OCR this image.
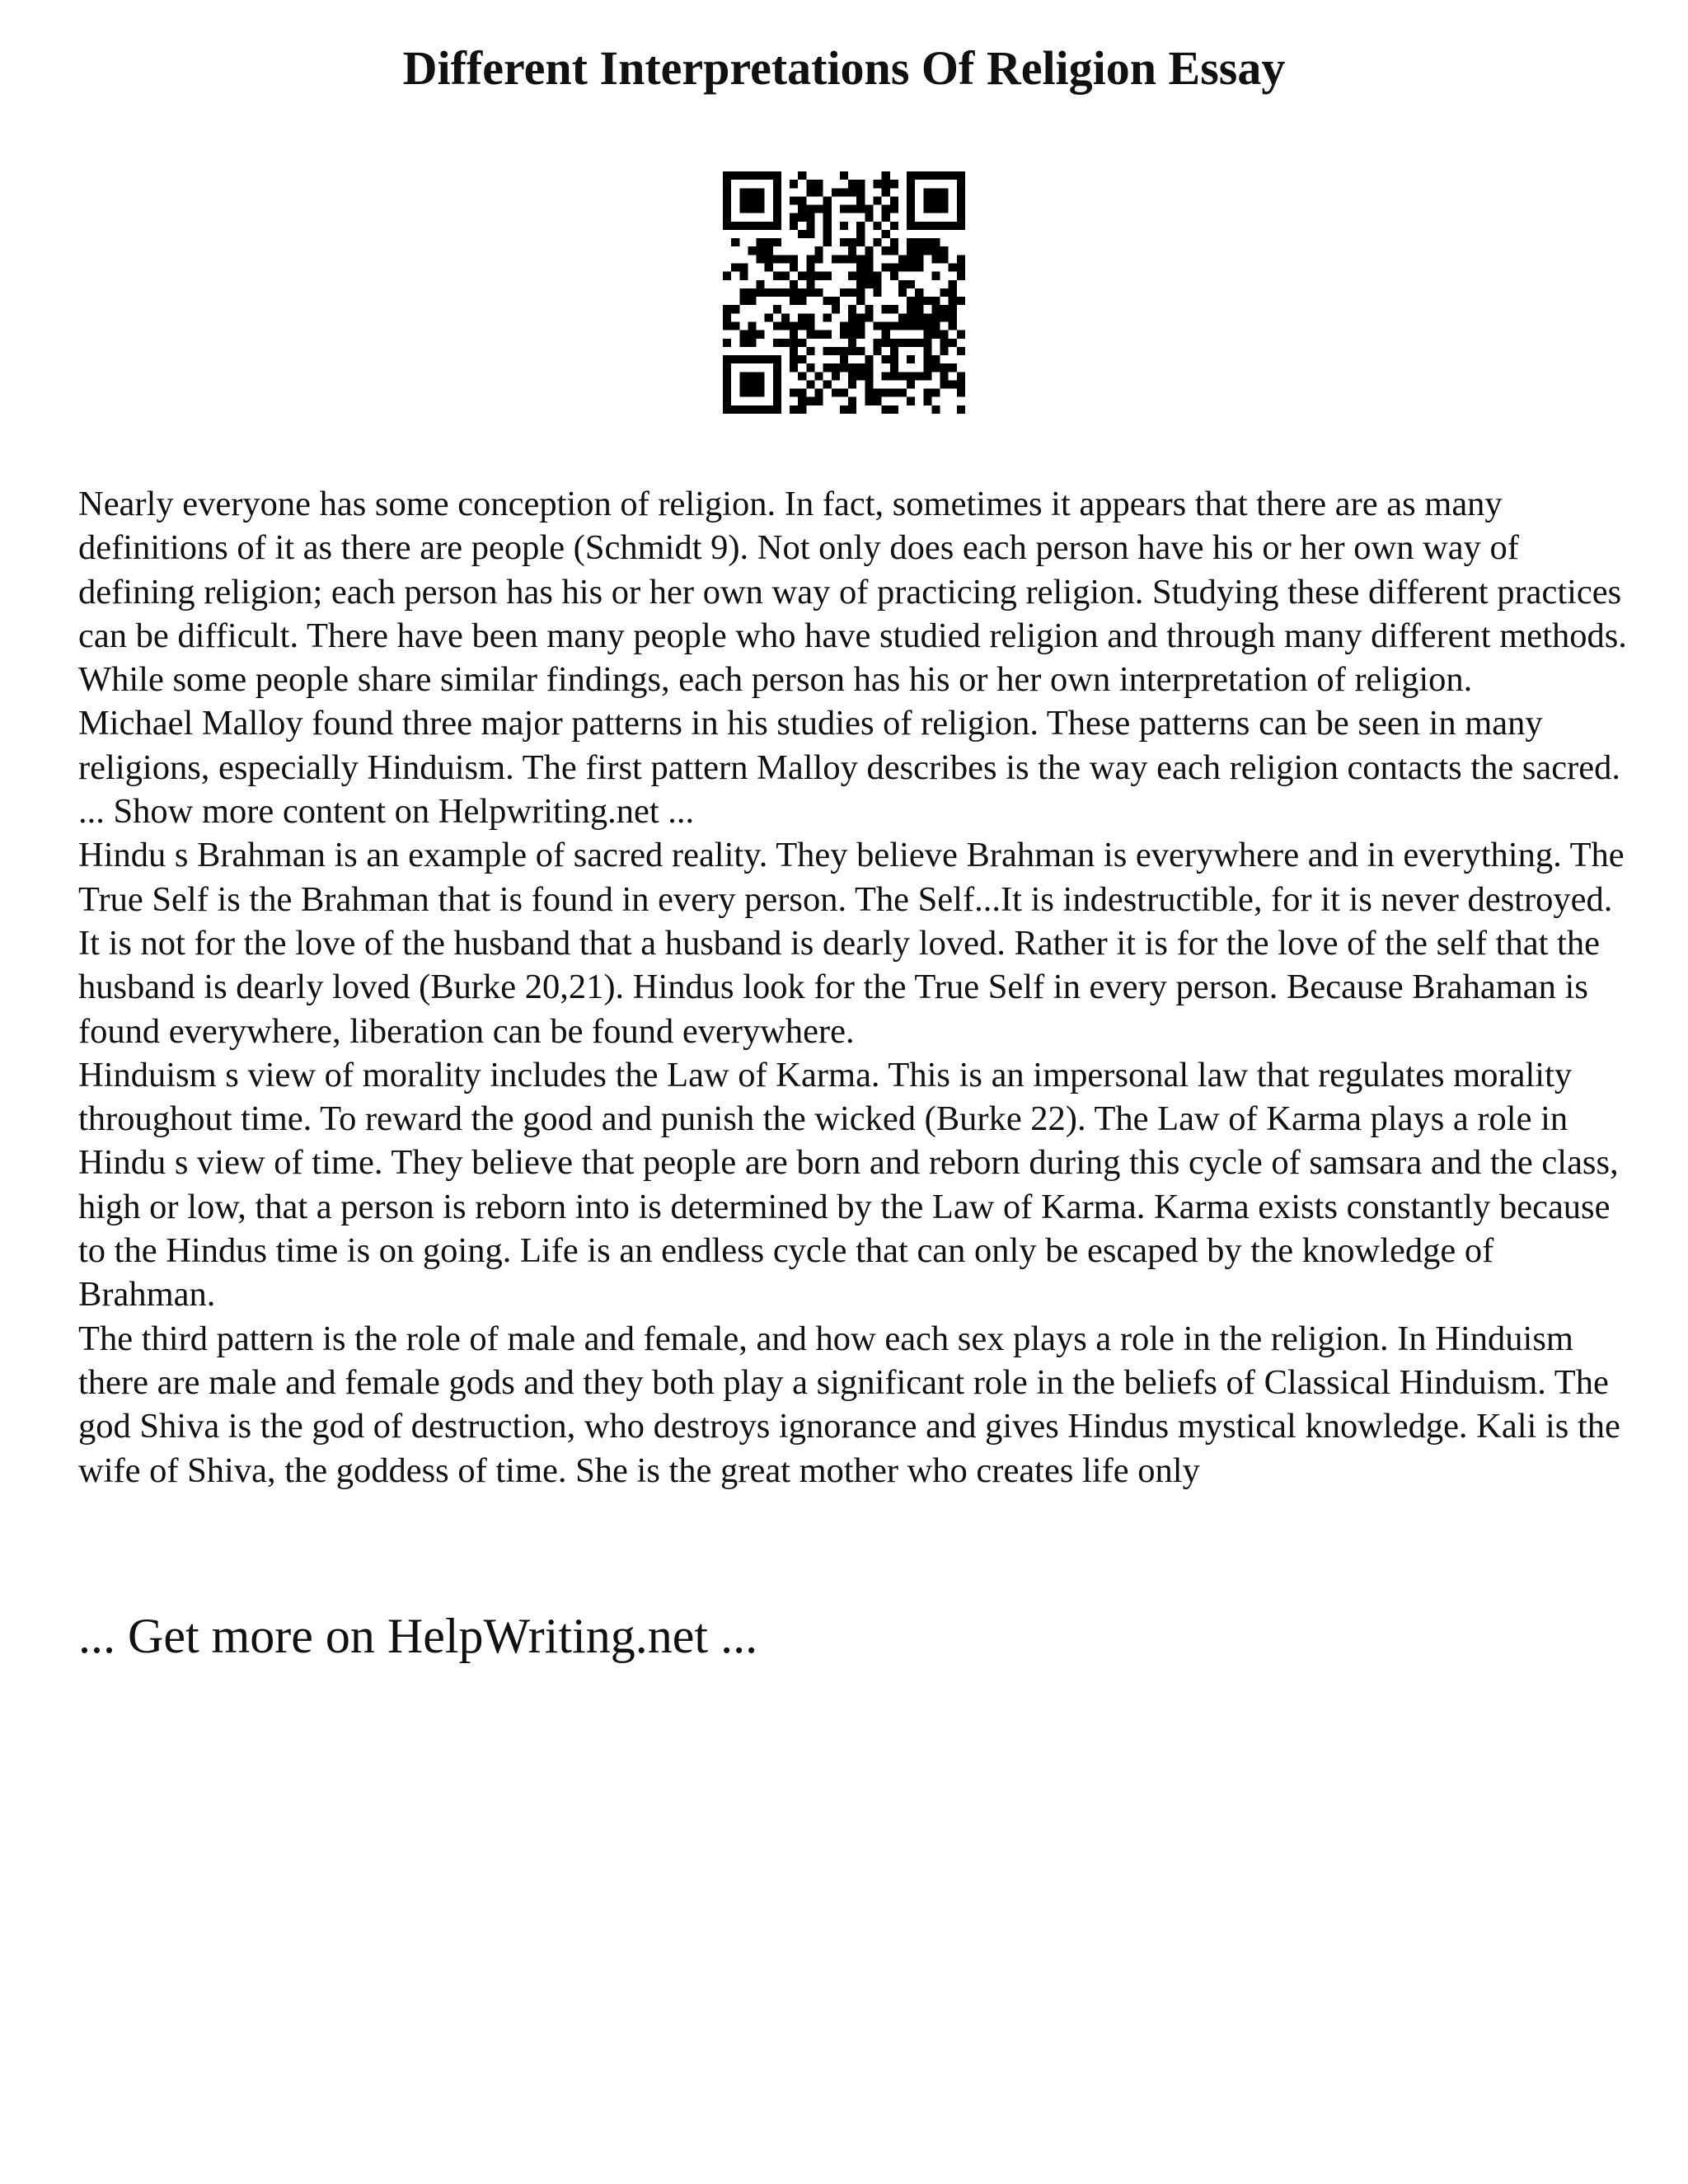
Different Interpretations Of Religion Essay

Nearly everyone has some conception of religion. In fact, sometimes it appears that there are as many definitions of it as there are people (Schmidt 9). Not only does each person have his or her own way of defining religion; each person has his or her own way of practicing religion. Studying these different practices can be difficult. There have been many people who have studied religion and through many different methods. While some people share similar findings, each person has his or her own interpretation of religion.

Michael Malloy found three major patterns in his studies of religion. These patterns can be seen in many religions, especially Hinduism. The first pattern Malloy describes is the way each religion contacts the sacred. ... Show more content on Helpwriting.net ...

Hindu s Brahman is an example of sacred reality. They believe Brahman is everywhere and in everything. The True Self is the Brahman that is found in every person. The Self...It is indestructible, for it is never destroyed. It is not for the love of the husband that a husband is dearly loved. Rather it is for the love of the self that the husband is dearly loved (Burke 20,21). Hindus look for the True Self in every person. Because Brahaman is found everywhere, liberation can be found everywhere.

Hinduism s view of morality includes the Law of Karma. This is an impersonal law that regulates morality throughout time. To reward the good and punish the wicked (Burke 22). The Law of Karma plays a role in Hindu s view of time. They believe that people are born and reborn during this cycle of samsara and the class, high or low, that a person is reborn into is determined by the Law of Karma. Karma exists constantly because to the Hindus time is on going. Life is an endless cycle that can only be escaped by the knowledge of Brahman.

The third pattern is the role of male and female, and how each sex plays a role in the religion. In Hinduism there are male and female gods and they both play a significant role in the beliefs of Classical Hinduism. The god Shiva is the god of destruction, who destroys ignorance and gives Hindus mystical knowledge. Kali is the wife of Shiva, the goddess of time. She is the great mother who creates life only

... Get more on HelpWriting.net ...
